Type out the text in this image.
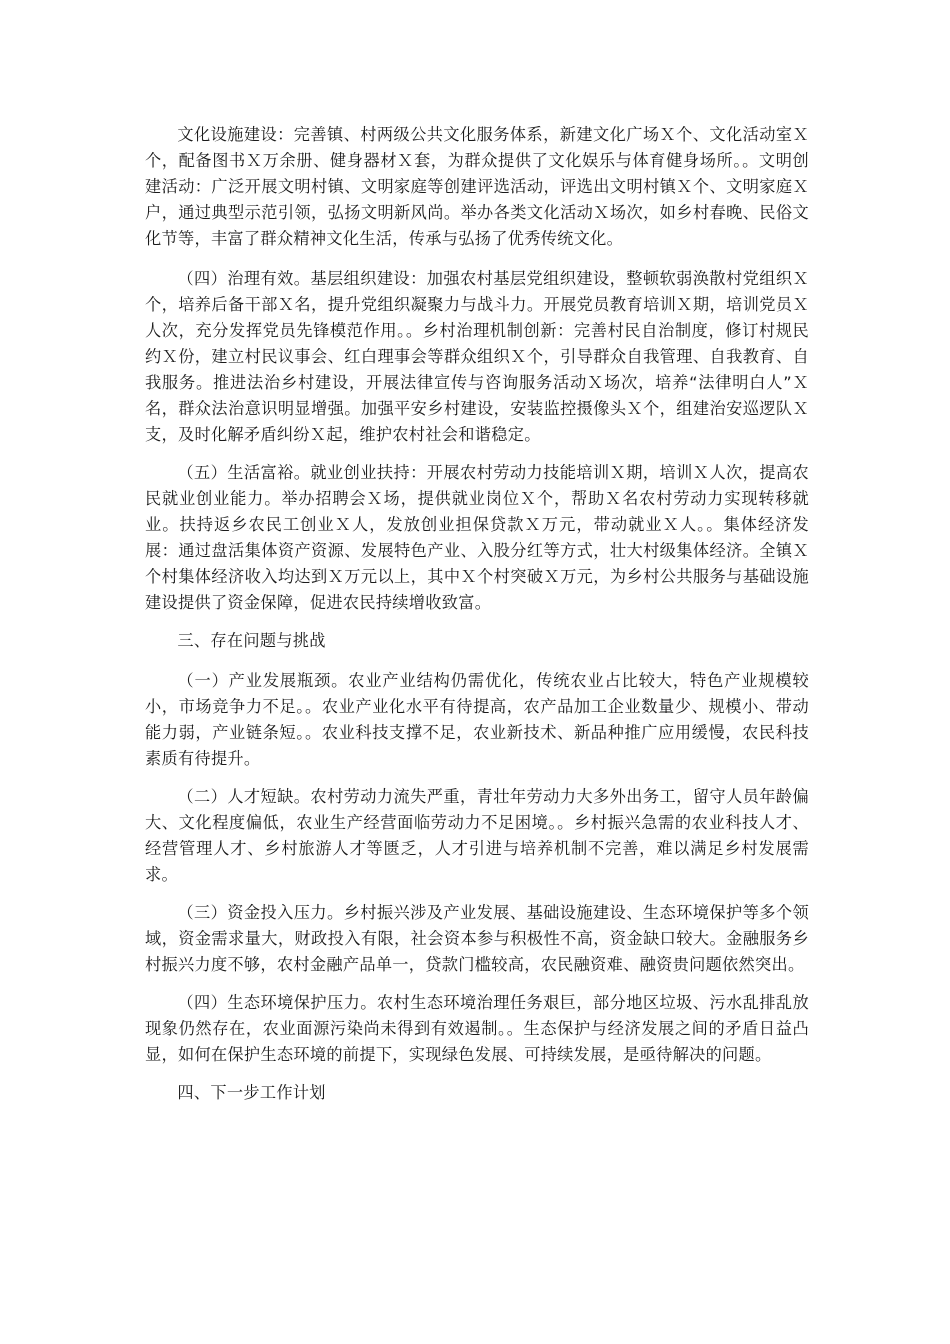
文化设施建设：完善镇、村两级公共文化服务体系，新建文化广场Ｘ个、文化活动室Ｘ个，配备图书Ｘ万余册、健身器材Ｘ套，为群众提供了文化娱乐与体育健身场所。。文明创建活动：广泛开展文明村镇、文明家庭等创建评选活动，评选出文明村镇Ｘ个、文明家庭Ｘ户，通过典型示范引领，弘扬文明新风尚。举办各类文化活动Ｘ场次，如乡村春晚、民俗文化节等，丰富了群众精神文化生活，传承与弘扬了优秀传统文化。

（四）治理有效。基层组织建设：加强农村基层党组织建设，整顿软弱涣散村党组织Ｘ个，培养后备干部Ｘ名，提升党组织凝聚力与战斗力。开展党员教育培训Ｘ期，培训党员Ｘ人次，充分发挥党员先锋模范作用。。乡村治理机制创新：完善村民自治制度，修订村规民约Ｘ份，建立村民议事会、红白理事会等群众组织Ｘ个，引导群众自我管理、自我教育、自我服务。推进法治乡村建设，开展法律宣传与咨询服务活动Ｘ场次，培养“法律明白人”Ｘ名，群众法治意识明显增强。加强平安乡村建设，安装监控摄像头Ｘ个，组建治安巡逻队Ｘ支，及时化解矛盾纠纷Ｘ起，维护农村社会和谐稳定。

（五）生活富裕。就业创业扶持：开展农村劳动力技能培训Ｘ期，培训Ｘ人次，提高农民就业创业能力。举办招聘会Ｘ场，提供就业岗位Ｘ个，帮助Ｘ名农村劳动力实现转移就业。扶持返乡农民工创业Ｘ人，发放创业担保贷款Ｘ万元，带动就业Ｘ人。。集体经济发展：通过盘活集体资产资源、发展特色产业、入股分红等方式，壮大村级集体经济。全镇Ｘ个村集体经济收入均达到Ｘ万元以上，其中Ｘ个村突破Ｘ万元，为乡村公共服务与基础设施建设提供了资金保障，促进农民持续增收致富。

三、存在问题与挑战

（一）产业发展瓶颈。农业产业结构仍需优化，传统农业占比较大，特色产业规模较小，市场竞争力不足。。农业产业化水平有待提高，农产品加工企业数量少、规模小、带动能力弱，产业链条短。。农业科技支撑不足，农业新技术、新品种推广应用缓慢，农民科技素质有待提升。

（二）人才短缺。农村劳动力流失严重，青壮年劳动力大多外出务工，留守人员年龄偏大、文化程度偏低，农业生产经营面临劳动力不足困境。。乡村振兴急需的农业科技人才、经营管理人才、乡村旅游人才等匮乏，人才引进与培养机制不完善，难以满足乡村发展需求。

（三）资金投入压力。乡村振兴涉及产业发展、基础设施建设、生态环境保护等多个领域，资金需求量大，财政投入有限，社会资本参与积极性不高，资金缺口较大。金融服务乡村振兴力度不够，农村金融产品单一，贷款门槛较高，农民融资难、融资贵问题依然突出。

（四）生态环境保护压力。农村生态环境治理任务艰巨，部分地区垃圾、污水乱排乱放现象仍然存在，农业面源污染尚未得到有效遏制。。生态保护与经济发展之间的矛盾日益凸显，如何在保护生态环境的前提下，实现绿色发展、可持续发展，是亟待解决的问题。

四、下一步工作计划
